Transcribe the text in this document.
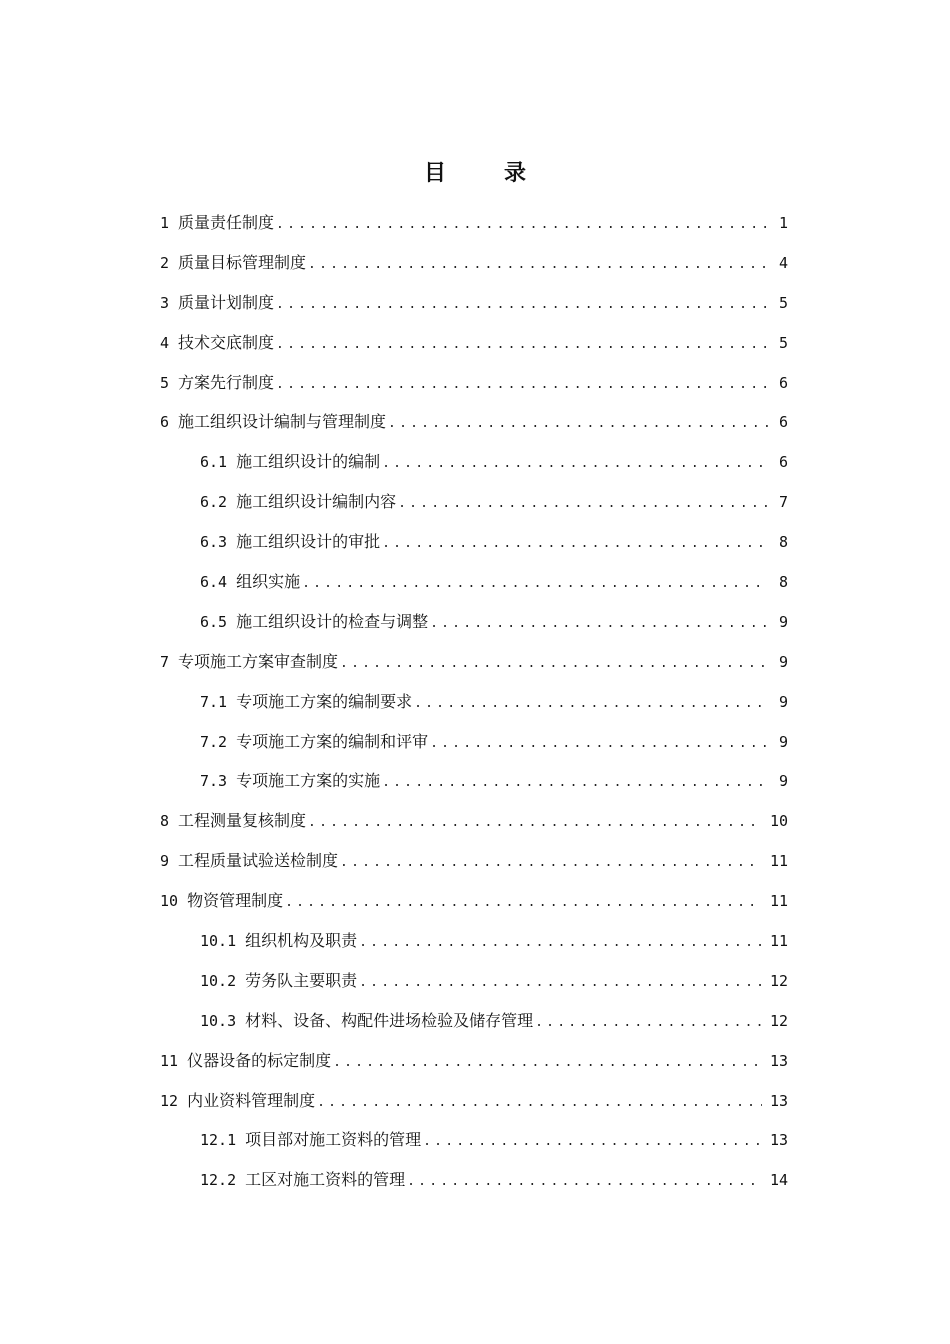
目　录
1 质量责任制度 .....	1
2 质量目标管理制度 .....	4
3 质量计划制度 .....	5
4 技术交底制度 .....	5
5 方案先行制度 .....	6
6 施工组织设计编制与管理制度 .....	6
6.1 施工组织设计的编制 .....	6
6.2 施工组织设计编制内容 .....	7
6.3 施工组织设计的审批 .....	8
6.4 组织实施 .....	8
6.5 施工组织设计的检查与调整 .....	9
7 专项施工方案审查制度 .....	9
7.1 专项施工方案的编制要求 .....	9
7.2 专项施工方案的编制和评审 .....	9
7.3 专项施工方案的实施 .....	9
8 工程测量复核制度 .....	10
9 工程质量试验送检制度 .....	11
10 物资管理制度 .....	11
10.1 组织机构及职责 .....	11
10.2 劳务队主要职责 .....	12
10.3 材料、设备、构配件进场检验及储存管理 .....	12
11 仪器设备的标定制度 .....	13
12 内业资料管理制度 .....	13
12.1 项目部对施工资料的管理 .....	13
12.2 工区对施工资料的管理 .....	14
